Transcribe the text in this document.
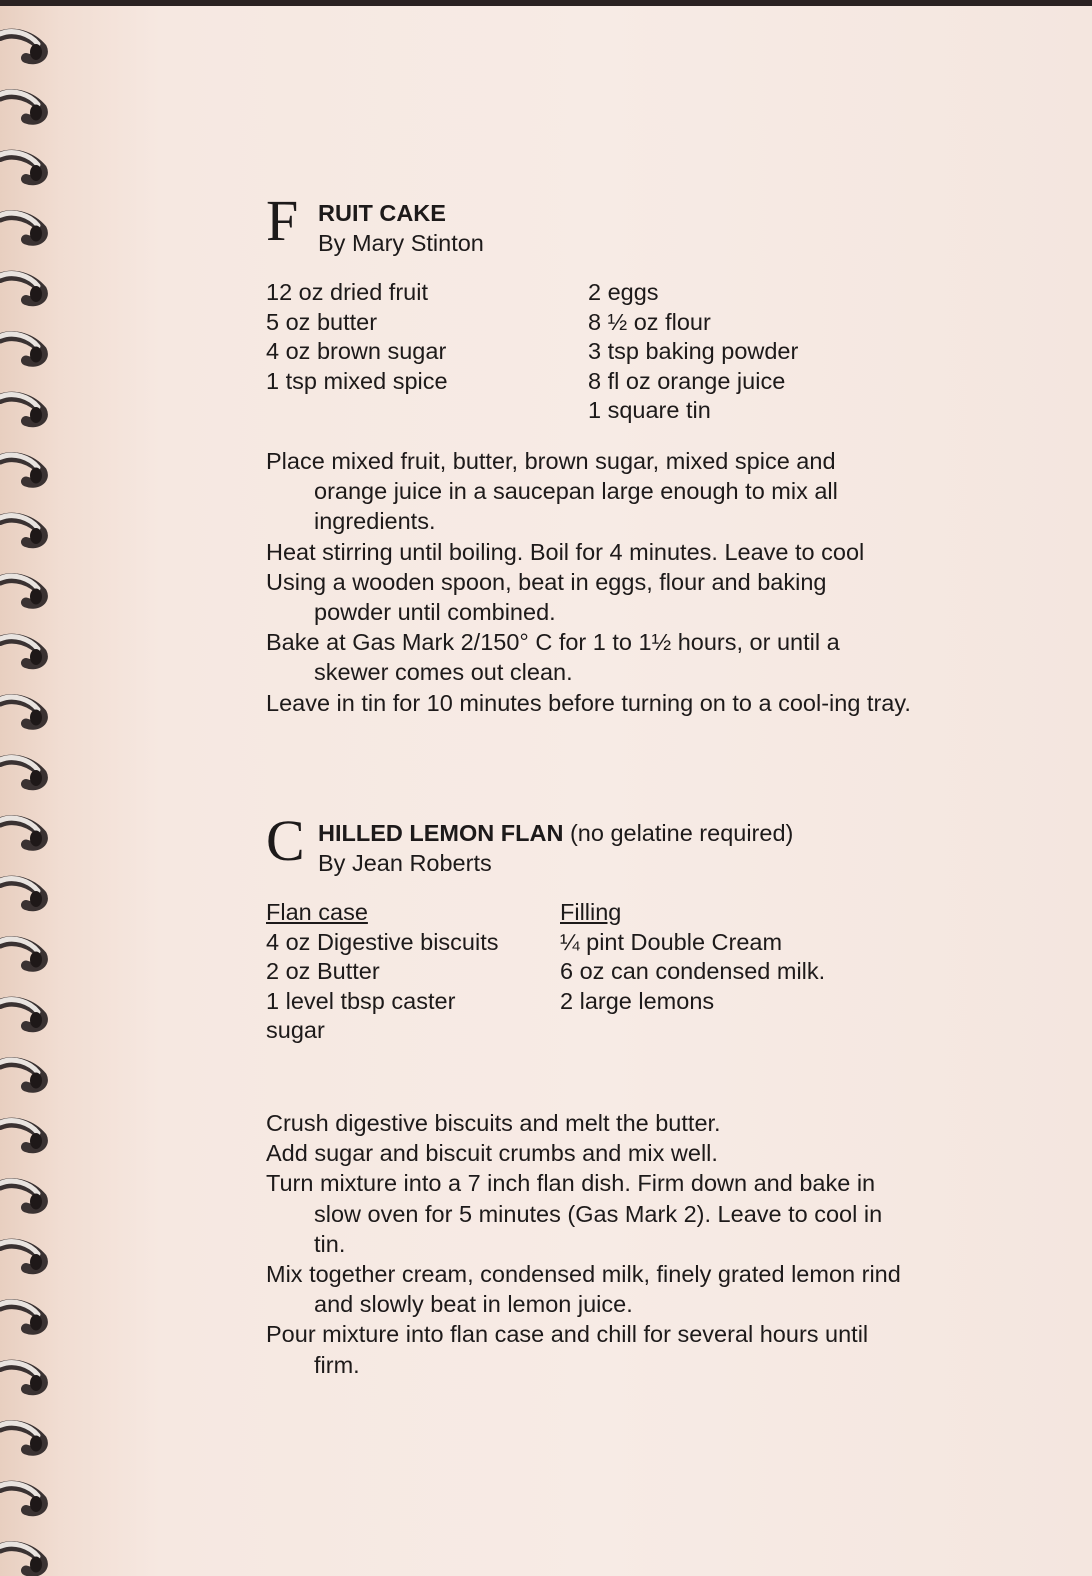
F RUIT CAKE
By Mary Stinton
12 oz dried fruit
5 oz butter
4 oz brown sugar
1 tsp mixed spice
2 eggs
8 ½ oz flour
3 tsp baking powder
8 fl oz orange juice
1 square tin

Place mixed fruit, butter, brown sugar, mixed spice and orange juice in a saucepan large enough to mix all ingredients.

Heat stirring until boiling. Boil for 4 minutes. Leave to cool

Using a wooden spoon, beat in eggs, flour and baking powder until combined.

Bake at Gas Mark 2/150° C for 1 to 1½ hours, or until a skewer comes out clean.

Leave in tin for 10 minutes before turning on to a cool-ing tray.

C HILLED LEMON FLAN (no gelatine required)
By Jean Roberts
Flan case
4 oz Digestive biscuits
2 oz Butter
1 level tbsp caster
sugar
Filling
¼ pint Double Cream
6 oz can condensed milk.
2 large lemons

Crush digestive biscuits and melt the butter.

Add sugar and biscuit crumbs and mix well.

Turn mixture into a 7 inch flan dish. Firm down and bake in slow oven for 5 minutes (Gas Mark 2). Leave to cool in tin.

Mix together cream, condensed milk, finely grated lemon rind and slowly beat in lemon juice.

Pour mixture into flan case and chill for several hours until firm.
